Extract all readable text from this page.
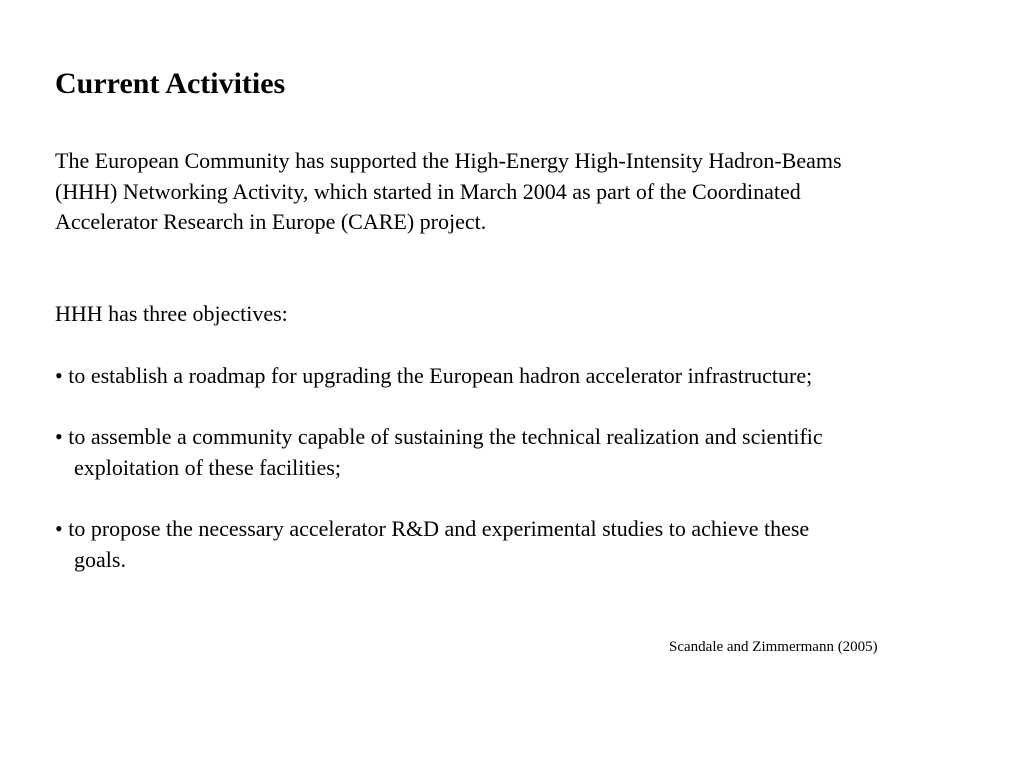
Current Activities

The European Community has supported the High-Energy High-Intensity Hadron-Beams
(HHH) Networking Activity, which started in March 2004 as part of the Coordinated
Accelerator Research in Europe (CARE) project.

HHH has three objectives:

• to establish a roadmap for upgrading the European hadron accelerator infrastructure;

• to assemble a community capable of sustaining the technical realization and scientific
exploitation of these facilities;

• to propose the necessary accelerator R&D and experimental studies to achieve these
goals.

Scandale and Zimmermann (2005)
